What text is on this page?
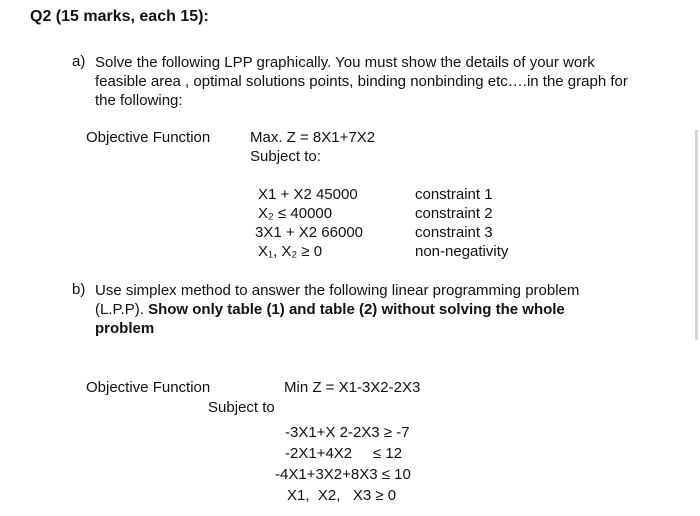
Q2 (15 marks, each 15):
a) Solve the following LPP graphically. You must show the details of your work
feasible area , optimal solutions points, binding nonbinding etc….in the graph for
the following:
Objective Function	Max. Z = 8X1+7X2
Subject to:
X1 + X2 45000	constraint 1
X₂ ≤ 40000	constraint 2
3X1 + X2 66000	constraint 3
X₁, X₂ ≥ 0	non-negativity
b) Use simplex method to answer the following linear programming problem
(L.P.P). Show only table (1) and table (2) without solving the whole
problem
Objective Function	Min Z = X1-3X2-2X3
Subject to
-3X1+X 2-2X3 ≥ -7
-2X1+4X2     ≤ 12
-4X1+3X2+8X3 ≤ 10
X1,  X2,   X3 ≥ 0
